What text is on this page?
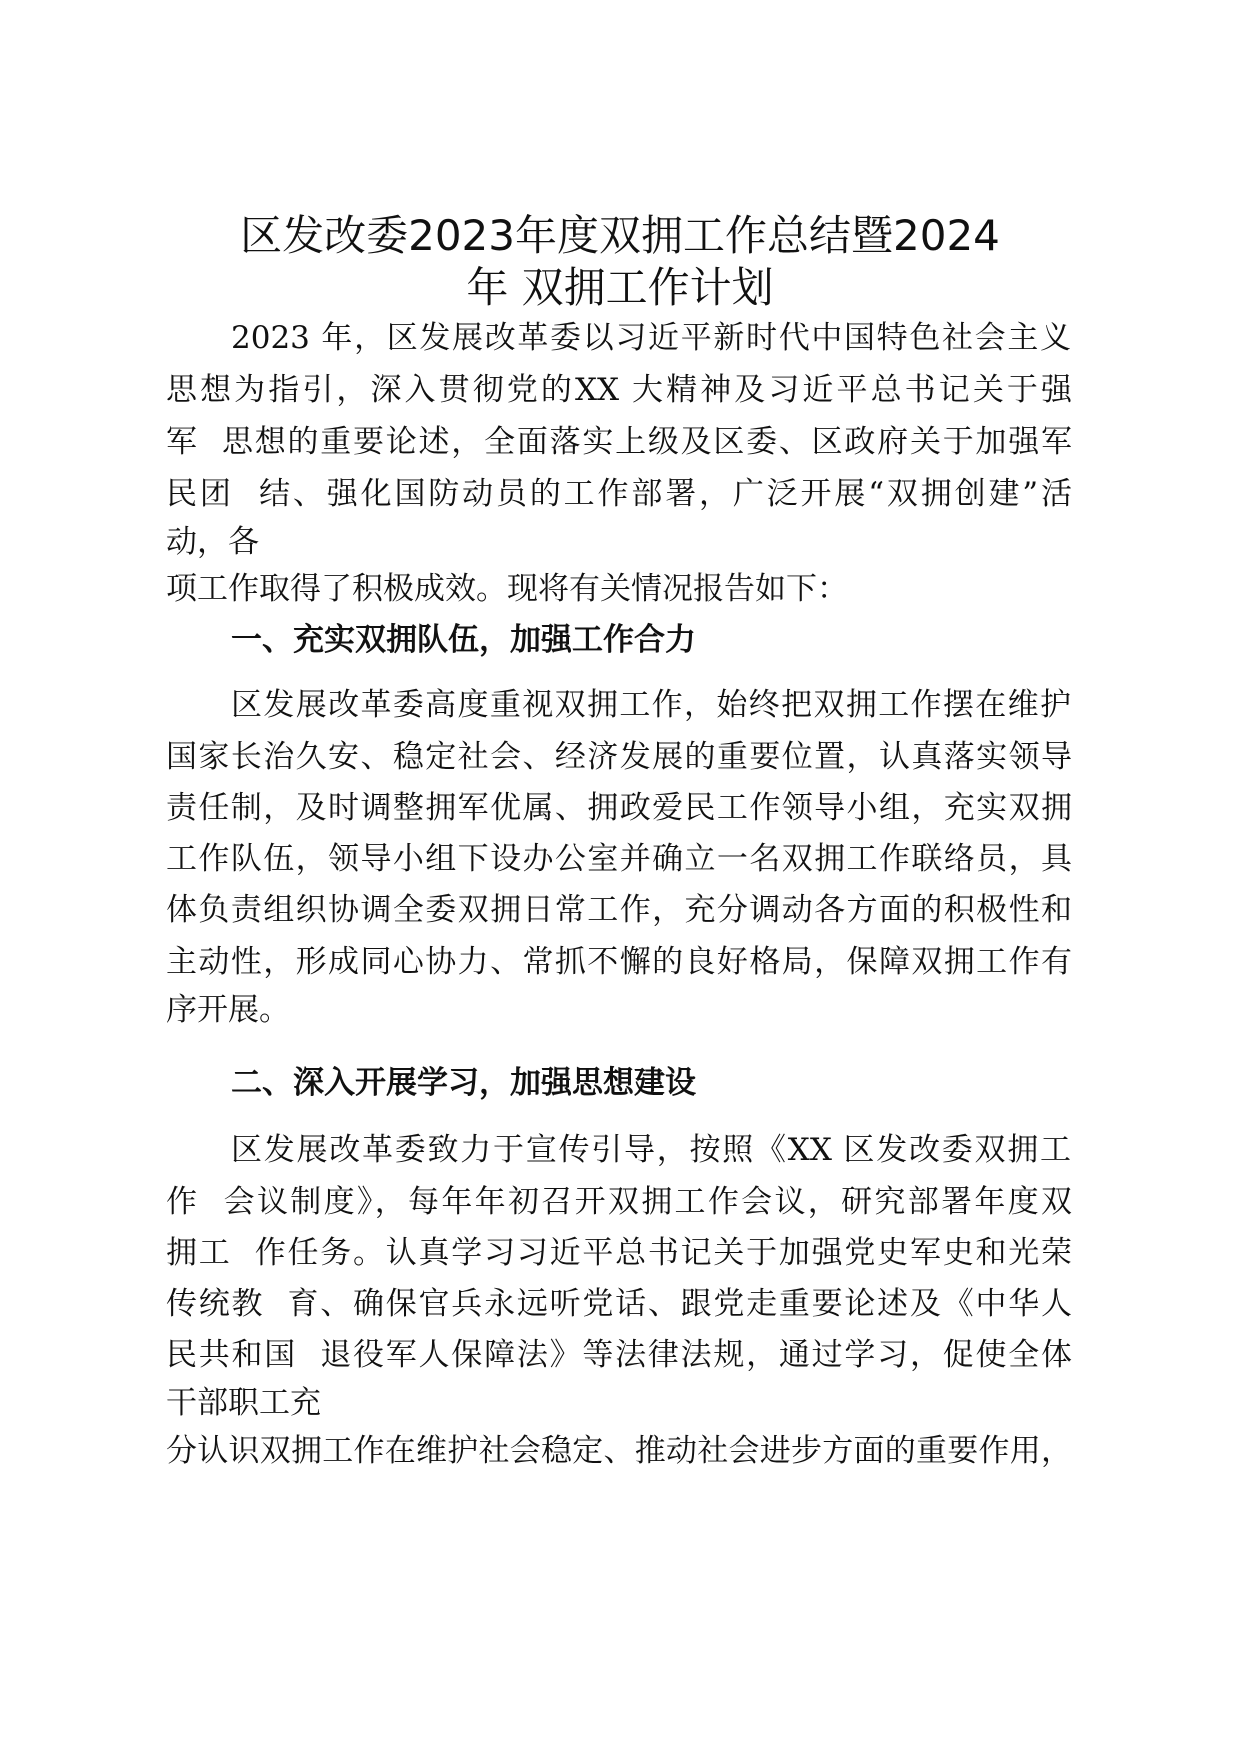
区发改委2023年度双拥工作总结暨2024
年 双拥工作计划
2023 年，区发展改革委以习近平新时代中国特色社会主义
思想为指引，深入贯彻党的XX 大精神及习近平总书记关于强
军  思想的重要论述，全面落实上级及区委、区政府关于加强军
民团  结、强化国防动员的工作部署，广泛开展“双拥创建”活
动，各
项工作取得了积极成效。现将有关情况报告如下：
一、充实双拥队伍，加强工作合力
区发展改革委高度重视双拥工作，始终把双拥工作摆在维护
国家长治久安、稳定社会、经济发展的重要位置，认真落实领导
责任制，及时调整拥军优属、拥政爱民工作领导小组，充实双拥
工作队伍，领导小组下设办公室并确立一名双拥工作联络员，具
体负责组织协调全委双拥日常工作，充分调动各方面的积极性和
主动性，形成同心协力、常抓不懈的良好格局，保障双拥工作有
序开展。
二、深入开展学习，加强思想建设
区发展改革委致力于宣传引导，按照《XX 区发改委双拥工
作  会议制度》，每年年初召开双拥工作会议，研究部署年度双
拥工  作任务。认真学习习近平总书记关于加强党史军史和光荣
传统教  育、确保官兵永远听党话、跟党走重要论述及《中华人
民共和国  退役军人保障法》等法律法规，通过学习，促使全体
干部职工充
分认识双拥工作在维护社会稳定、推动社会进步方面的重要作用，
